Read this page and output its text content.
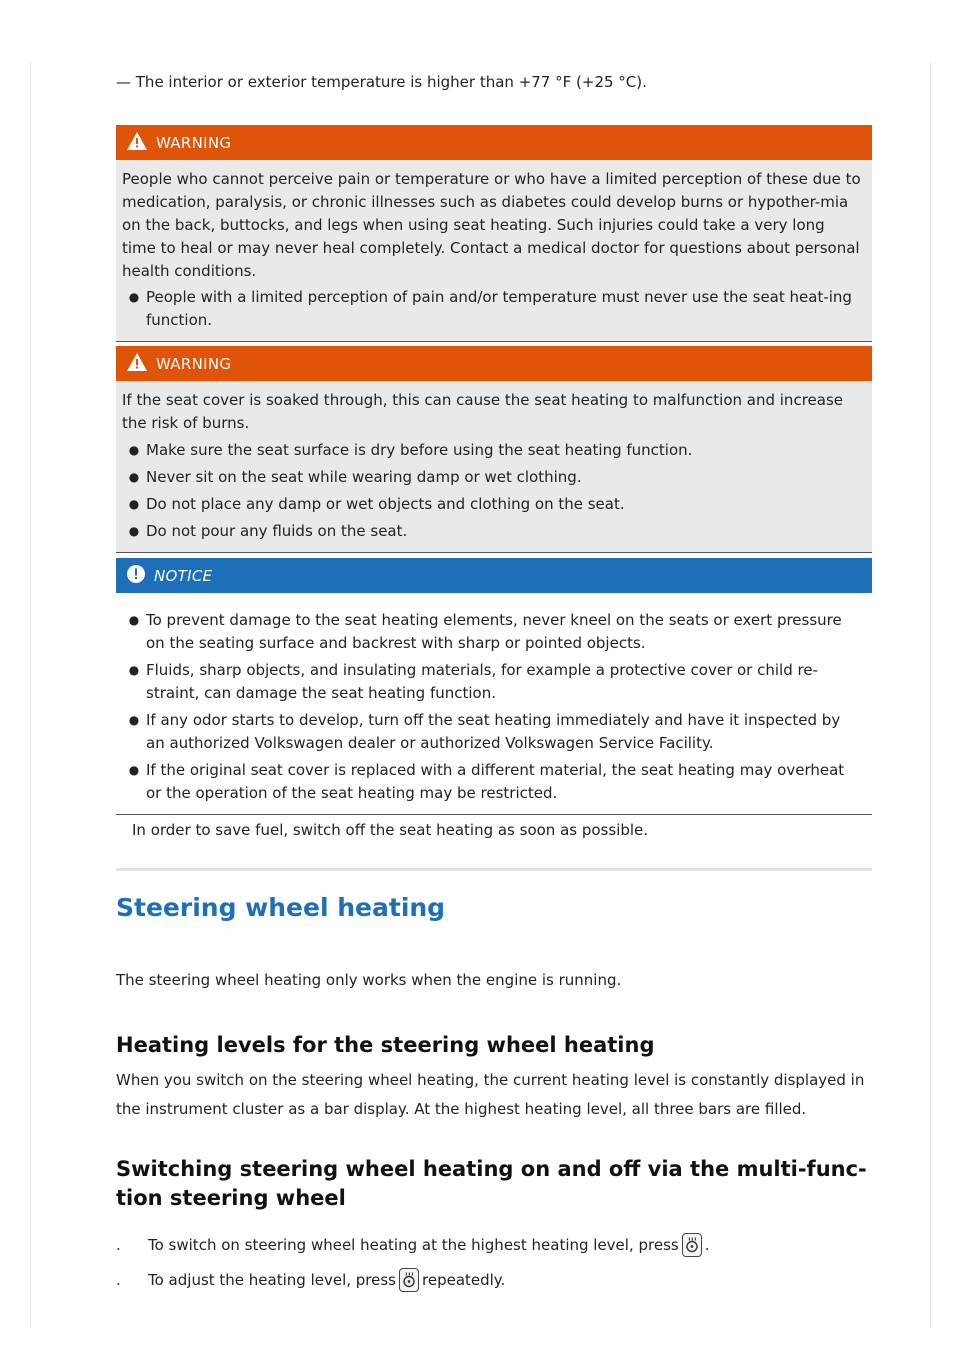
— The interior or exterior temperature is higher than +77 °F (+25 °C).

WARNING

People who cannot perceive pain or temperature or who have a limited perception of these due to medication, paralysis, or chronic illnesses such as diabetes could develop burns or hypother-mia on the back, buttocks, and legs when using seat heating. Such injuries could take a very long time to heal or may never heal completely. Contact a medical doctor for questions about personal health conditions.

● People with a limited perception of pain and/or temperature must never use the seat heat-ing function.
WARNING

If the seat cover is soaked through, this can cause the seat heating to malfunction and increase the risk of burns.

● Make sure the seat surface is dry before using the seat heating function.
● Never sit on the seat while wearing damp or wet clothing.
● Do not place any damp or wet objects and clothing on the seat.
● Do not pour any fluids on the seat.
NOTICE
● To prevent damage to the seat heating elements, never kneel on the seats or exert pressure on the seating surface and backrest with sharp or pointed objects.
● Fluids, sharp objects, and insulating materials, for example a protective cover or child re-straint, can damage the seat heating function.
● If any odor starts to develop, turn off the seat heating immediately and have it inspected by an authorized Volkswagen dealer or authorized Volkswagen Service Facility.
● If the original seat cover is replaced with a different material, the seat heating may overheat or the operation of the seat heating may be restricted.

In order to save fuel, switch off the seat heating as soon as possible.

Steering wheel heating

The steering wheel heating only works when the engine is running.

Heating levels for the steering wheel heating

When you switch on the steering wheel heating, the current heating level is constantly displayed in the instrument cluster as a bar display. At the highest heating level, all three bars are filled.

Switching steering wheel heating on and off via the multi-func-tion steering wheel
.	To switch on steering wheel heating at the highest heating level, press .
.	To adjust the heating level, press repeatedly.
